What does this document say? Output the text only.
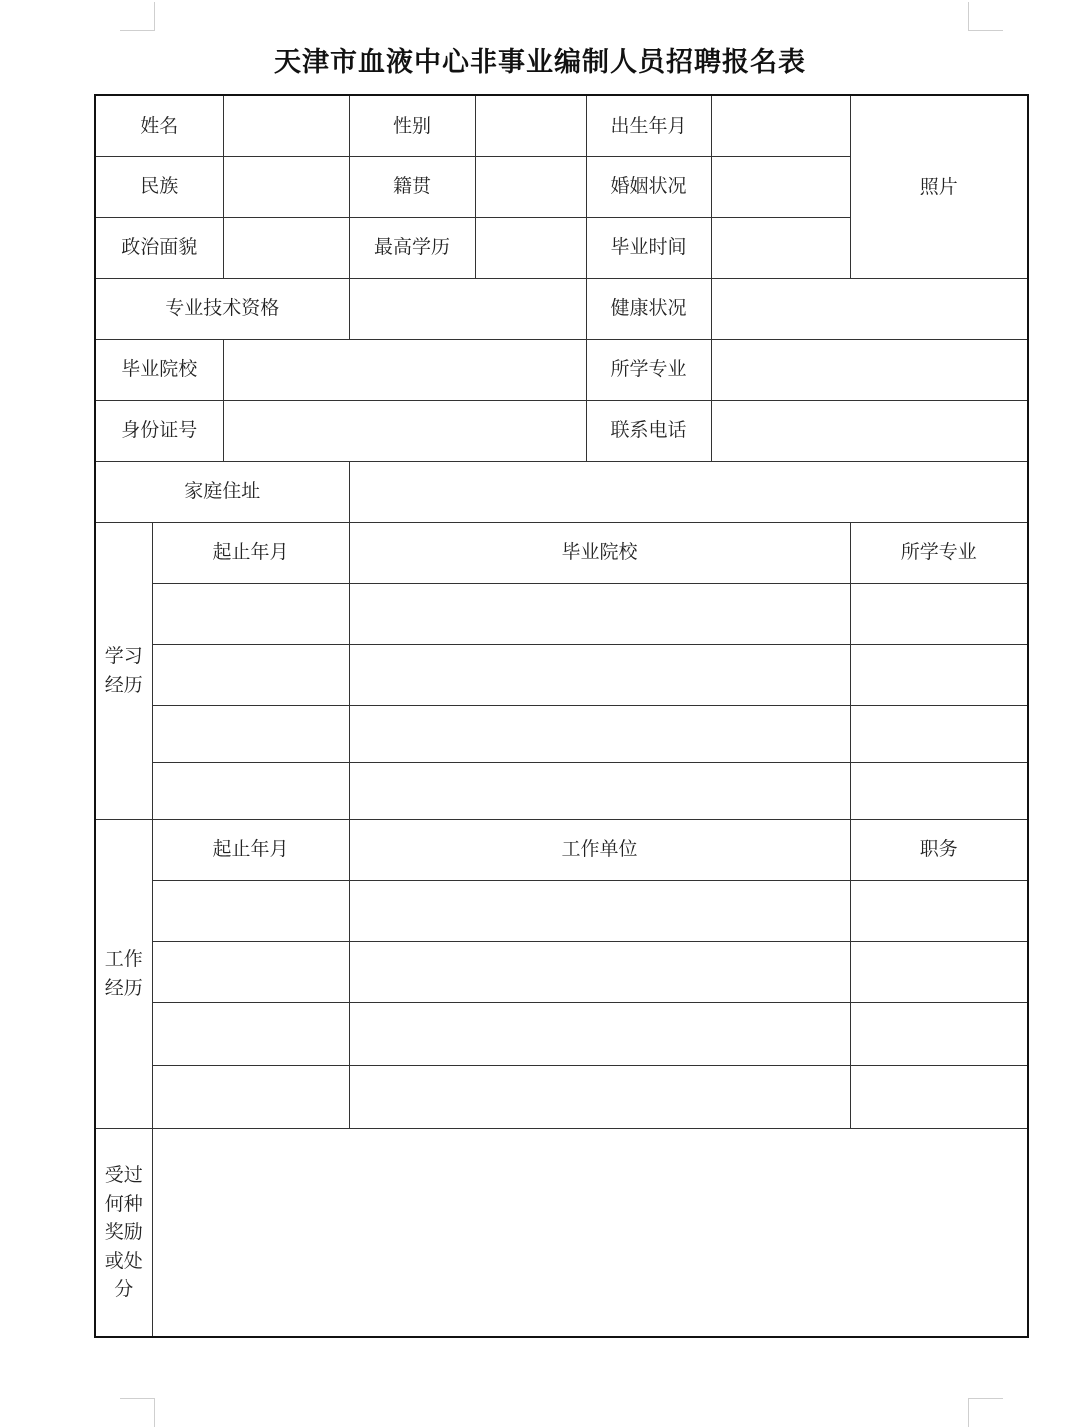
天津市血液中心非事业编制人员招聘报名表
姓名			性别		出生年月		照片
民族			籍贯		婚姻状况		
政治面貌			最高学历		毕业时间		
专业技术资格					健康状况		
毕业院校					所学专业		
身份证号					联系电话		
家庭住址							
学习经历	起止年月		毕业院校				所学专业

工作经历	起止年月		工作单位				职务

受过何种奖励或处分							
